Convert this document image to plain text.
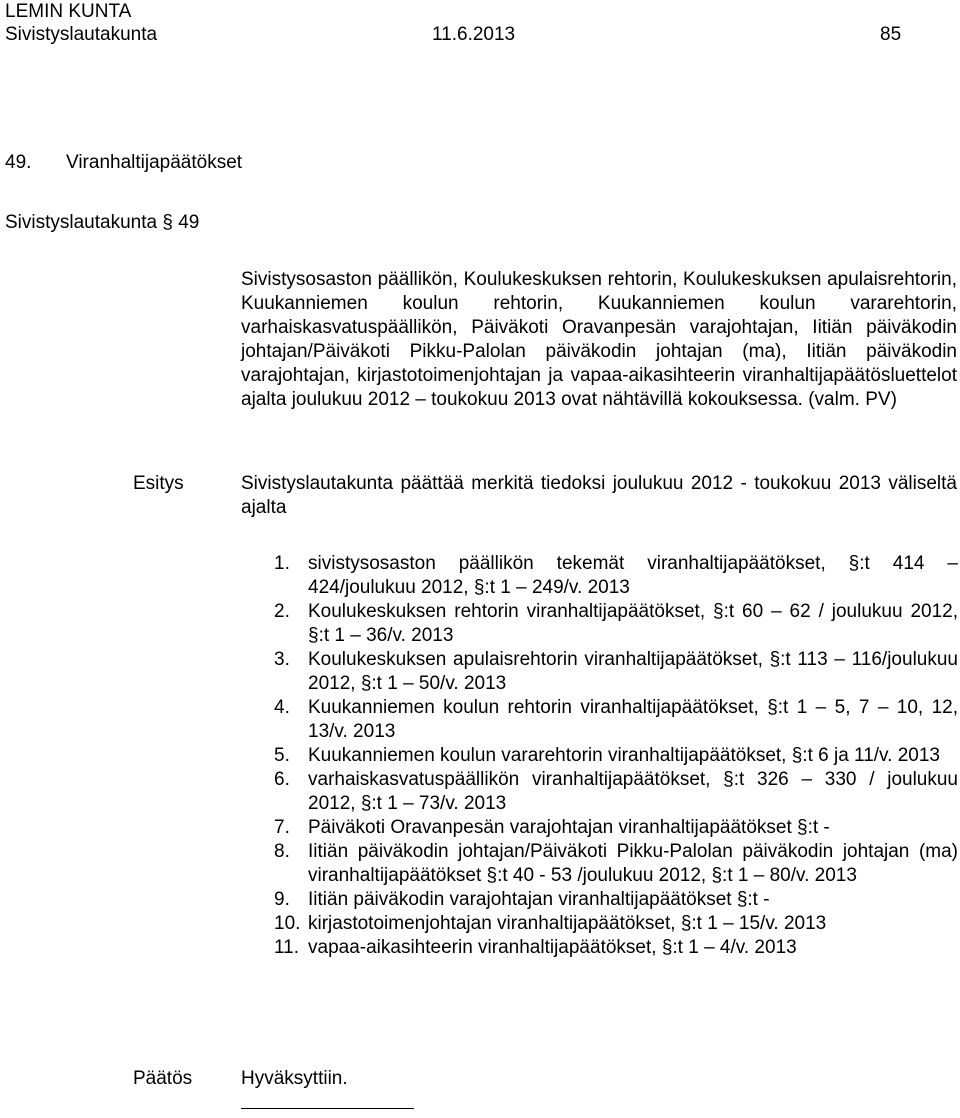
LEMIN KUNTA
Sivistyslautakunta	11.6.2013	85
49. Viranhaltijapäätökset
Sivistyslautakunta § 49
Sivistysosaston päällikön, Koulukeskuksen rehtorin, Koulukeskuksen apulaisrehtorin, Kuukanniemen koulun rehtorin, Kuukanniemen koulun vararehtorin, varhaiskasvatuspäällikön, Päiväkoti Oravanpesän varajohtajan, Iitiän päiväkodin johtajan/Päiväkoti Pikku-Palolan päiväkodin johtajan (ma), Iitiän päiväkodin varajohtajan, kirjastotoimenjohtajan ja vapaa-aikasihteerin viranhaltijapäätösluettelot ajalta joulukuu 2012 – toukokuu 2013 ovat nähtävillä kokouksessa. (valm. PV)
Esitys	Sivistyslautakunta päättää merkitä tiedoksi joulukuu 2012 - toukokuu 2013 väliseltä ajalta
1. sivistysosaston päällikön tekemät viranhaltijapäätökset, §:t 414 – 424/joulukuu 2012, §:t 1 – 249/v. 2013
2. Koulukeskuksen rehtorin viranhaltijapäätökset, §:t 60 – 62 / joulukuu 2012, §:t 1 – 36/v. 2013
3. Koulukeskuksen apulaisrehtorin viranhaltijapäätökset, §:t 113 – 116/joulukuu 2012, §:t 1 – 50/v. 2013
4. Kuukanniemen koulun rehtorin viranhaltijapäätökset, §:t 1 – 5, 7 – 10, 12, 13/v. 2013
5. Kuukanniemen koulun vararehtorin viranhaltijapäätökset, §:t 6 ja 11/v. 2013
6. varhaiskasvatuspäällikön viranhaltijapäätökset, §:t 326 – 330 / joulukuu 2012, §:t 1 – 73/v. 2013
7. Päiväkoti Oravanpesän varajohtajan viranhaltijapäätökset §:t -
8. Iitiän päiväkodin johtajan/Päiväkoti Pikku-Palolan päiväkodin johtajan (ma) viranhaltijapäätökset §:t 40 - 53 /joulukuu 2012, §:t 1 – 80/v. 2013
9. Iitiän päiväkodin varajohtajan viranhaltijapäätökset §:t -
10. kirjastotoimenjohtajan viranhaltijapäätökset, §:t 1 – 15/v. 2013
11. vapaa-aikasihteerin viranhaltijapäätökset, §:t 1 – 4/v. 2013
Päätös	Hyväksyttiin.
